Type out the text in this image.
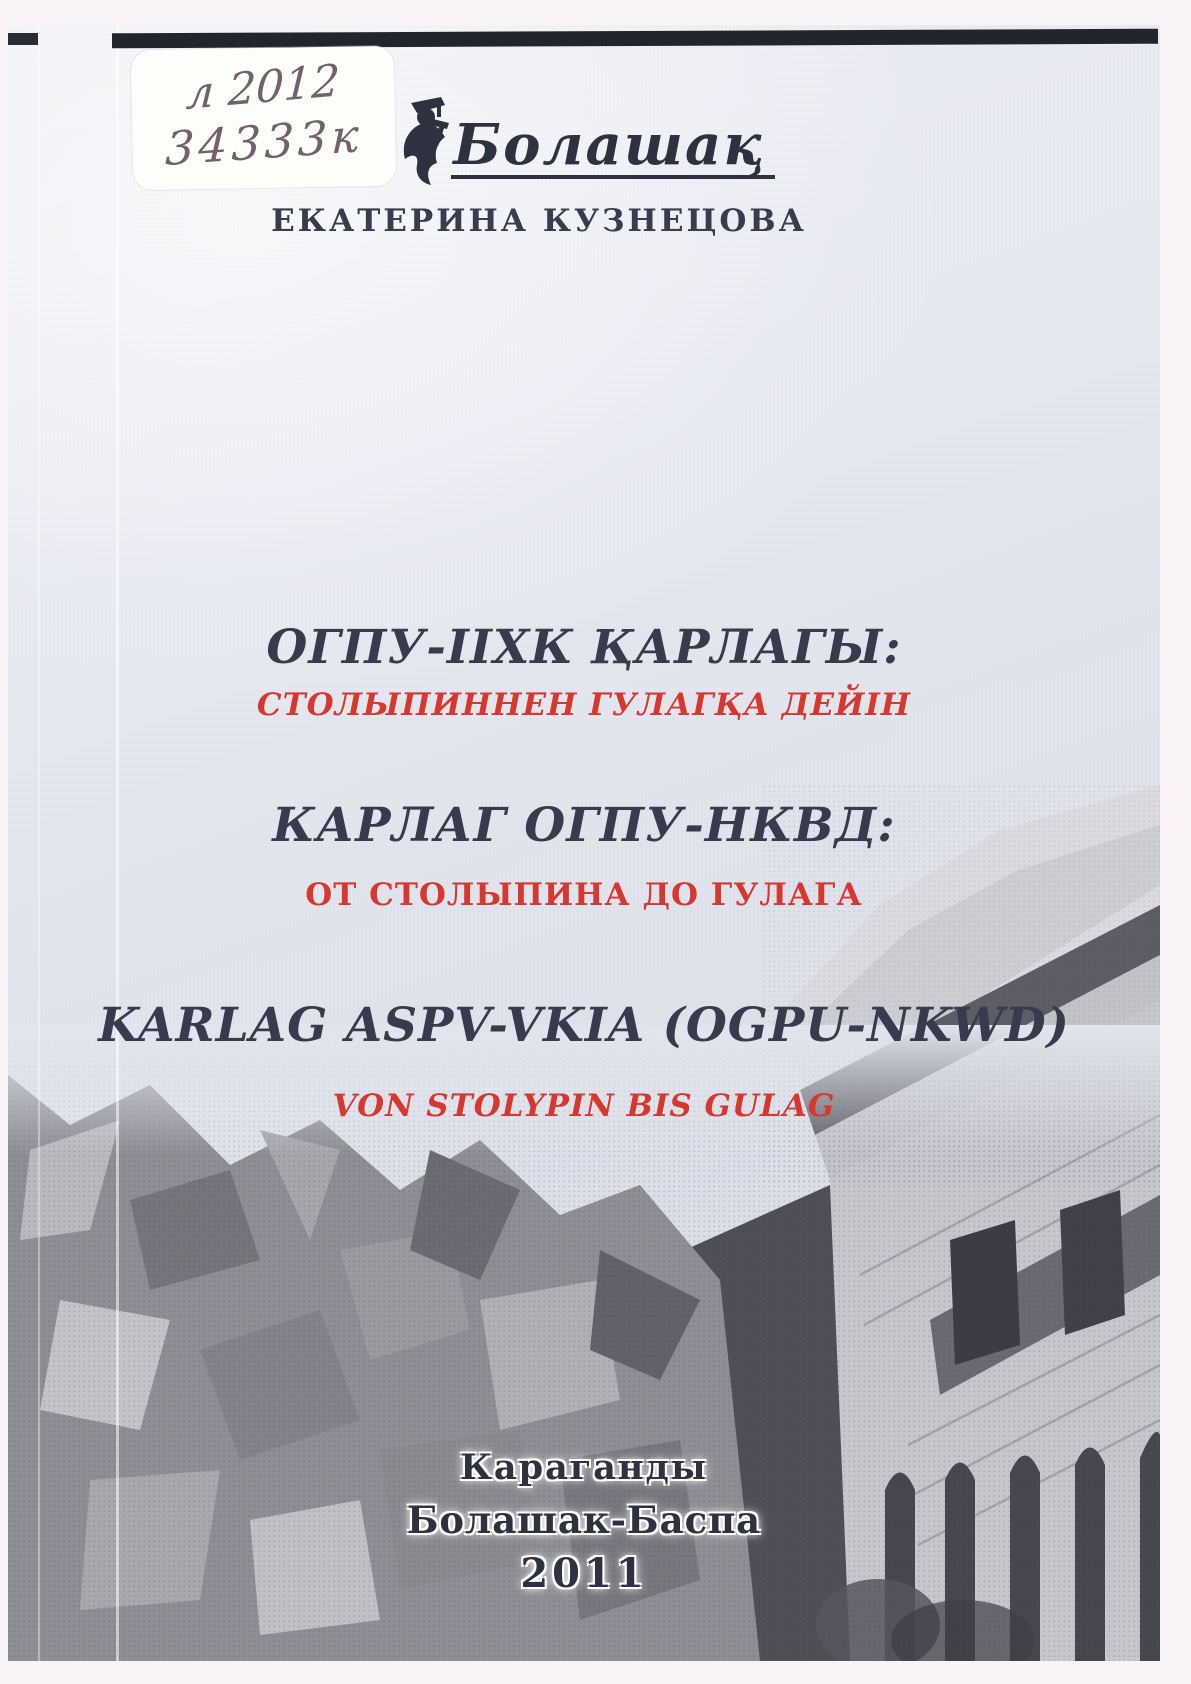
л 2012
34333к	Болашақ
ЕКАТЕРИНА КУЗНЕЦОВА
ОГПУ-ІІХК ҚАРЛАГЫ:
СТОЛЫПИННЕН ГУЛАГҚА ДЕЙІН
КАРЛАГ ОГПУ-НКВД:
ОТ СТОЛЫПИНА ДО ГУЛАГА
KARLAG ASPV-VKIA (OGPU-NKWD)
VON STOLYPIN BIS GULAG
Караганды
Болашак-Баспа
2011
